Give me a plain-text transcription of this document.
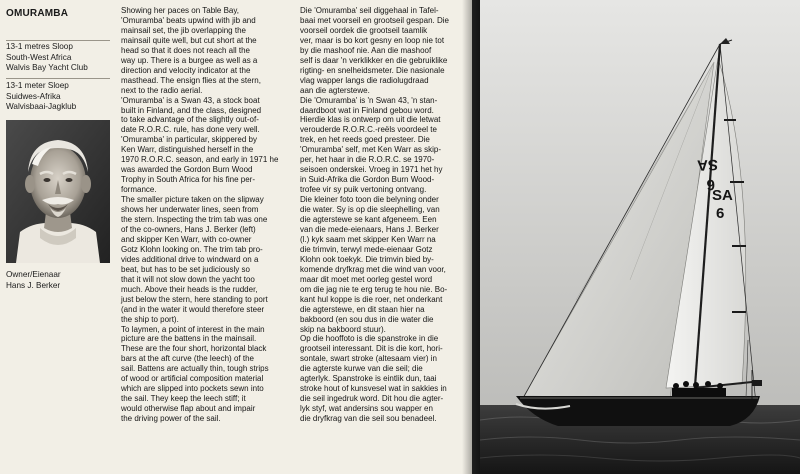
OMURAMBA
13-1 metres Sloop
South-West Africa
Walvis Bay Yacht Club
13-1 meter Sloep
Suidwes-Afrika
Walvisbaai-Jagklub
Owner/Eienaar
Hans J. Berker

Showing her paces on Table Bay,

'Omuramba' beats upwind with jib and

mainsail set, the jib overlapping the

mainsail quite well, but cut short at the

head so that it does not reach all the

way up. There is a burgee as well as a

direction and velocity indicator at the

masthead. The ensign flies at the stern,

next to the radio aerial.

'Omuramba' is a Swan 43, a stock boat

built in Finland, and the class, designed

to take advantage of the slightly out-of-

date R.O.R.C. rule, has done very well.

'Omuramba' in particular, skippered by

Ken Warr, distinguished herself in the

1970 R.O.R.C. season, and early in 1971 he

was awarded the Gordon Burn Wood

Trophy in South Africa for his fine per-

formance.

The smaller picture taken on the slipway

shows her underwater lines, seen from

the stern. Inspecting the trim tab was one

of the co-owners, Hans J. Berker (left)

and skipper Ken Warr, with co-owner

Gotz Klohn looking on. The trim tab pro-

vides additional drive to windward on a

beat, but has to be set judiciously so

that it will not slow down the yacht too

much. Above their heads is the rudder,

just below the stern, here standing to port

(and in the water it would therefore steer

the ship to port).

To laymen, a point of interest in the main

picture are the battens in the mainsail.

These are the four short, horizontal black

bars at the aft curve (the leech) of the

sail. Battens are actually thin, tough strips

of wood or artificial composition material

which are slipped into pockets sewn into

the sail. They keep the leech stiff; it

would otherwise flap about and impair

the driving power of the sail.

Die 'Omuramba' seil diggehaal in Tafel-

baai met voorseil en grootseil gespan. Die

voorseil oordek die grootseil taamlik

ver, maar is bo kort gesny en loop nie tot

by die mashoof nie. Aan die mashoof

self is daar 'n verklikker en die gebruiklike

rigting- en snelheidsmeter. Die nasionale

vlag wapper langs die radiolugdraad

aan die agterstewe.

Die 'Omuramba' is 'n Swan 43, 'n stan-

daardboot wat in Finland gebou word.

Hierdie klas is ontwerp om uit die letwat

verouderde R.O.R.C.-reëls voordeel te

trek, en het reeds goed presteer. Die

'Omuramba' self, met Ken Warr as skip-

per, het haar in die R.O.R.C. se 1970-

seisoen onderskei. Vroeg in 1971 het hy

in Suid-Afrika die Gordon Burn Wood-

trofee vir sy puik vertoning ontvang.

Die kleiner foto toon die belyning onder

die water. Sy is op die sleephelling, van

die agterstewe se kant afgeneem. Een

van die mede-eienaars, Hans J. Berker

(l.) kyk saam met skipper Ken Warr na

die trimvin, terwyl mede-eienaar Gotz

Klohn ook toekyk. Die trimvin bied by-

komende dryfkrag met die wind van voor,

maar dit moet met oorleg gestel word

om die jag nie te erg terug te hou nie. Bo-

kant hul koppe is die roer, net onderkant

die agterstewe, en dit staan hier na

bakboord (en sou dus in die water die

skip na bakboord stuur).

Op die hooffoto is die spanstroke in die

grootseil interessant. Dit is die kort, hori-

sontale, swart stroke (altesaam vier) in

die agterste kurwe van die seil; die

agterlyk. Spanstroke is eintlik dun, taai

stroke hout of kunsvesel wat in sakkies in

die seil ingedruk word. Dit hou die agter-

lyk styf, wat andersins sou wapper en

die dryfkrag van die seil sou benadeel.

SA
6
SA
6
